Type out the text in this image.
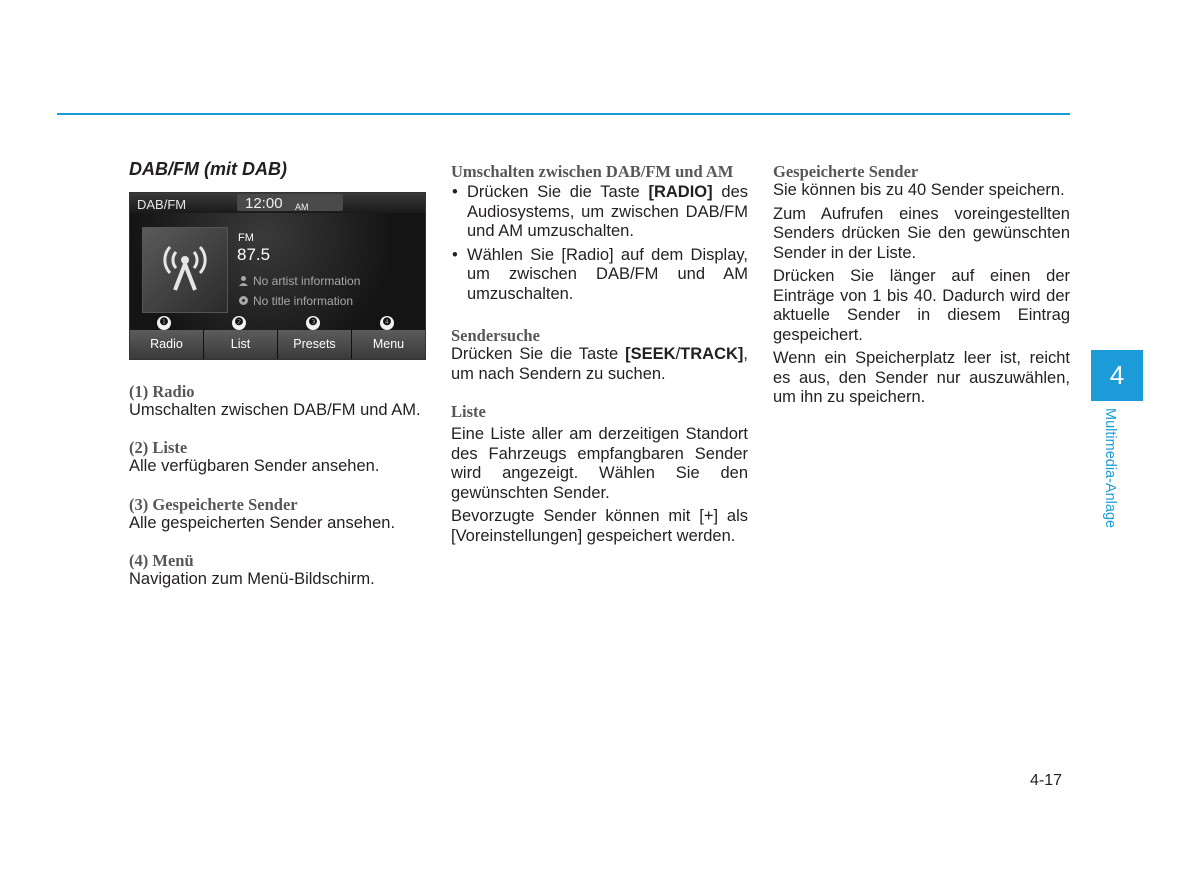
DAB/FM (mit DAB)

DAB/FM	12:00 AM
FM
87.5
No artist information
No title information
❶	❷	❸	❹
Radio	List	Presets	Menu

(1) Radio

Umschalten zwischen DAB/FM und AM.

(2) Liste

Alle verfügbaren Sender ansehen.

(3) Gespeicherte Sender

Alle gespeicherten Sender ansehen.

(4) Menü

Navigation zum Menü-Bildschirm.

Umschalten zwischen DAB/FM und AM

• Drücken Sie die Taste [RADIO] des Audiosystems, um zwischen DAB/FM und AM umzuschalten.
• Wählen Sie [Radio] auf dem Display, um zwischen DAB/FM und AM umzuschalten.

Sendersuche

Drücken Sie die Taste [SEEK/TRACK], um nach Sendern zu suchen.

Liste

Eine Liste aller am derzeitigen Standort des Fahrzeugs empfangbaren Sender wird angezeigt. Wählen Sie den gewünschten Sender.

Bevorzugte Sender können mit [+] als [Voreinstellungen] gespeichert werden.

Gespeicherte Sender

Sie können bis zu 40 Sender speichern.

Zum Aufrufen eines voreingestellten Senders drücken Sie den gewünschten Sender in der Liste.

Drücken Sie länger auf einen der Einträge von 1 bis 40. Dadurch wird der aktuelle Sender in diesem Eintrag gespeichert.

Wenn ein Speicherplatz leer ist, reicht es aus, den Sender nur auszuwählen, um ihn zu speichern.

4
Multimedia-Anlage
4-17
